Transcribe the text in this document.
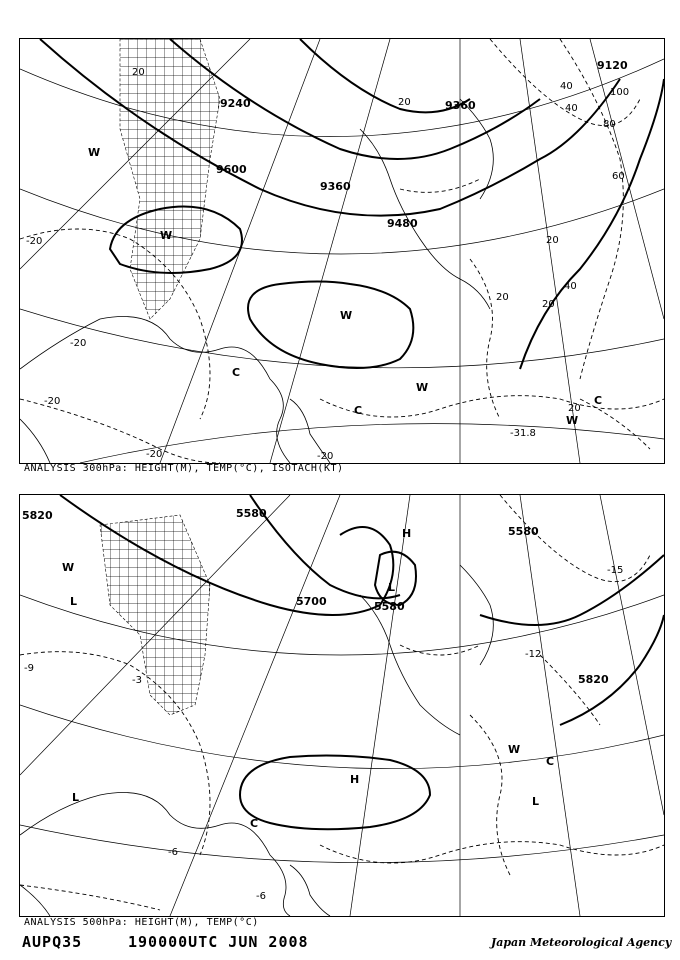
9120
9240	9360
9360
9480
9600
100
80
60
40
40
20
20
20
20
40
20
20
-20
-20
-20
-20	-20
W
W
C
C
W
W
C
W
-31.8
ANALYSIS 300hPa: HEIGHT(M), TEMP(°C), ISOTACH(KT)
5820	5580
5580
5700	5580
5820
-9
-12
-15
-6
-6
-3
W
L
L
H
H
C
L
C
L
W
ANALYSIS 500hPa: HEIGHT(M), TEMP(°C)
AUPQ35	190000UTC JUN 2008	Japan Meteorological Agency
